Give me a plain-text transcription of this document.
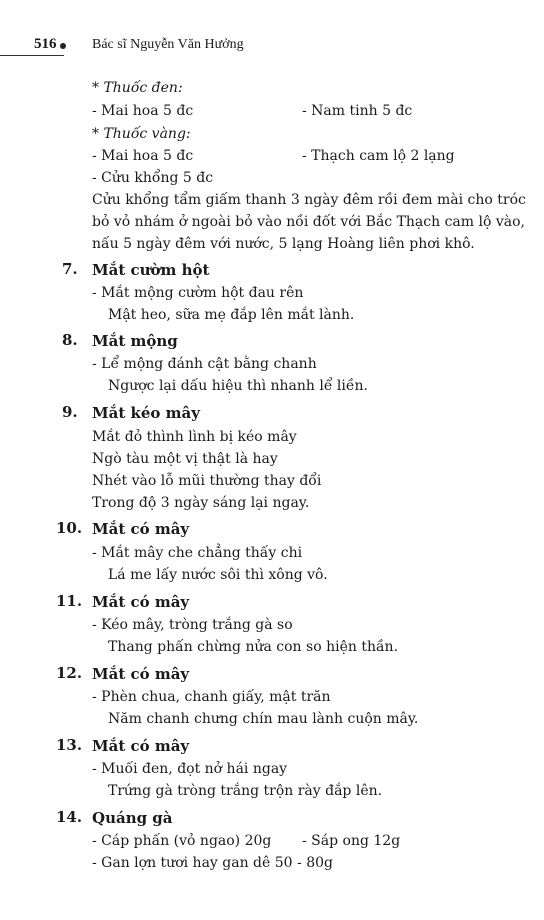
516	Bác sĩ Nguyễn Văn Hưởng
* Thuốc đen:
- Mai hoa 5 đc	- Nam tinh 5 đc
* Thuốc vàng:
- Mai hoa 5 đc	- Thạch cam lộ 2 lạng
- Cửu khổng 5 đc
Cửu khổng tẩm giấm thanh 3 ngày đêm rồi đem mài cho tróc
bỏ vỏ nhám ở ngoài bỏ vào nồi đốt với Bắc Thạch cam lộ vào,
nấu 5 ngày đêm với nước, 5 lạng Hoàng liên phơi khô.
7. Mắt cườm hột
- Mắt mộng cườm hột đau rên
Mật heo, sữa mẹ đắp lên mắt lành.
8. Mắt mộng
- Lể mộng đánh cật bằng chanh
Ngược lại dấu hiệu thì nhanh lể liền.
9. Mắt kéo mây
Mắt đỏ thình lình bị kéo mây
Ngò tàu một vị thật là hay
Nhét vào lỗ mũi thường thay đổi
Trong độ 3 ngày sáng lại ngay.
10. Mắt có mây
- Mắt mây che chẳng thấy chi
Lá me lấy nước sôi thì xông vô.
11. Mắt có mây
- Kéo mây, tròng trắng gà so
Thang phấn chừng nửa con so hiện thần.
12. Mắt có mây
- Phèn chua, chanh giấy, mật trăn
Năm chanh chưng chín mau lành cuộn mây.
13. Mắt có mây
- Muối đen, đọt nở hái ngay
Trứng gà tròng trắng trộn rày đắp lên.
14. Quáng gà
- Cáp phấn (vỏ ngao) 20g - Sáp ong 12g
- Gan lợn tươi hay gan dê 50 - 80g
